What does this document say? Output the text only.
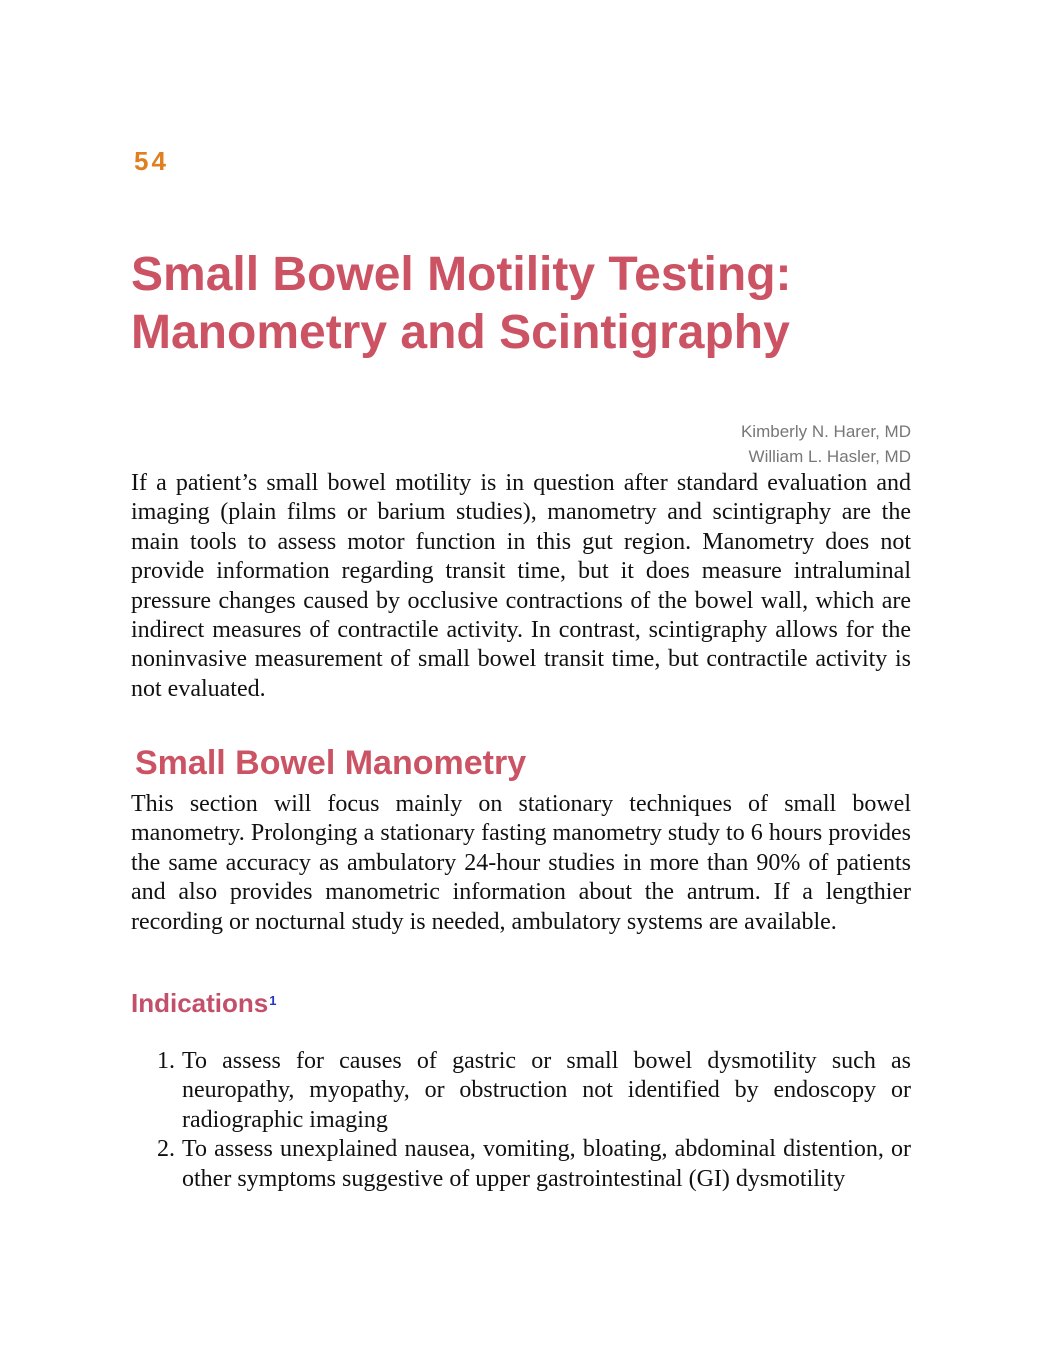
54

Small Bowel Motility Testing: Manometry and Scintigraphy
Kimberly N. Harer, MD
William L. Hasler, MD

If a patient’s small bowel motility is in question after standard evaluation and imaging (plain films or barium studies), manometry and scintigraphy are the main tools to assess motor function in this gut region. Manometry does not provide information regarding transit time, but it does measure intraluminal pressure changes caused by occlusive contractions of the bowel wall, which are indirect measures of contractile activity. In contrast, scintigraphy allows for the noninvasive measurement of small bowel transit time, but contractile activity is not evaluated.

Small Bowel Manometry

This section will focus mainly on stationary techniques of small bowel manometry. Prolonging a stationary fasting manometry study to 6 hours provides the same accuracy as ambulatory 24-hour studies in more than 90% of patients and also provides manometric information about the antrum. If a lengthier recording or nocturnal study is needed, ambulatory systems are available.

Indications$^1$
1. To assess for causes of gastric or small bowel dysmotility such as neuropathy, myopathy, or obstruction not identified by endoscopy or radiographic imaging
2. To assess unexplained nausea, vomiting, bloating, abdominal distention, or other symptoms suggestive of upper gastrointestinal (GI) dysmotility
